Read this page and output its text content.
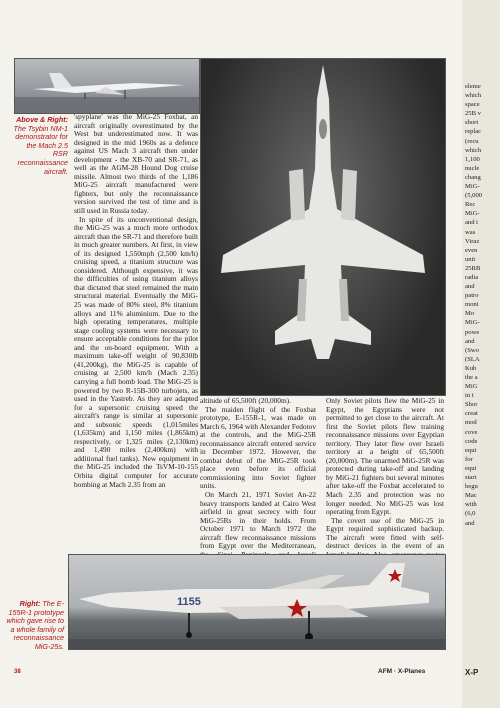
Above & Right: The Tsybin NM-1 demonstrator for the Mach 2.5 RSR reconnaissance aircraft.

'spyplane' was the MiG-25 Foxbat, an aircraft originally overestimated by the West but underestimated now. It was designed in the mid 1960s as a defence against US Mach 3 aircraft then under development - the XB-70 and SR-71, as well as the AGM-28 Hound Dog cruise missile. Almost two thirds of the 1,186 MiG-25 aircraft manufactured were fighters, but only the reconnaissance version survived the test of time and is still used in Russia today.

In spite of its unconventional design, the MiG-25 was a much more orthodox aircraft than the SR-71 and therefore built in much greater numbers. At first, in view of its designed 1,550mph (2,500 km/h) cruising speed, a titanium structure was considered. Although expensive, it was the difficulties of using titanium alloys that dictated that steel remained the main structural material. Eventually the MiG-25 was made of 80% steel, 8% titanium alloys and 11% aluminium. Due to the high operating temperatures, multiple stage cooling systems were necessary to ensure acceptable conditions for the pilot and the on-board equipment. With a maximum take-off weight of 90,830lb (41,200kg), the MiG-25 is capable of cruising at 2,500 km/h (Mach 2.35) carrying a full bomb load. The MiG-25 is powered by two R-15B-300 turbojets, as used in the Yastreb. As they are adapted for a supersonic cruising speed the aircraft's range is similar at supersonic and subsonic speeds (1,015miles (1,635km) and 1,150 miles (1,865km) respectively, or 1,325 miles (2,130km) and 1,490 miles (2,400km) with additional fuel tanks). New equipment in the MiG-25 included the TsVM-10-155 Orbita digital computer for accurate bombing at Mach 2.35 from an

altitude of 65,500ft (20,000m).

The maiden flight of the Foxbat prototype, E-155R-1, was made on March 6, 1964 with Alexander Fedotov at the controls, and the MiG-25R reconnaissance aircraft entered service in December 1972. However, the combat debut of the MiG-25R took place even before its official commissioning into Soviet fighter units.

On March 21, 1971 Soviet An-22 heavy transports landed at Cairo West airfield in great secrecy with four MiG-25Rs in their holds. From October 1971 to March 1972 the aircraft flew reconnaissance missions from Egypt over the Mediterranean,

Only Soviet pilots flew the MiG-25 in Egypt, the Egyptians were not permitted to get close to the aircraft. At first the Soviet pilots flew training reconnaissance missions over Egyptian territory. They later flew over Israeli territory at a height of 65,500ft (20,000m). The unarmed MiG-25R was protected during take-off and landing by MiG-21 fighters but several minutes after take-off the Foxbat accelerated to Mach 2.35 and protection was no longer needed. No MiG-25 was lost operating from Egypt.

The covert use of the MiG-25 in Egypt required sophisticated backup. The aircraft were fitted with self-destruct devices in the event of an

1155
Right: The E-155R-1 prototype which gave rise to a whole family of reconnaissance MiG-25s.
38	AFM · X-Planes
eleme
which
space
25B v
short
replac
(recu
which
1,100
nucle
chang
MiG-
(5,000
Rec
MiG-
and t
was
Viraz
even
unit
25RB
radia
and
patro
moni
Mo
MiG-
powe
and
(Swo
(SLA
Kub
the a
MiG
in t
Shor
creat
mod
cove
code
equi
for
equi
start
begu
Mac
with
(6,0
and
X-P
